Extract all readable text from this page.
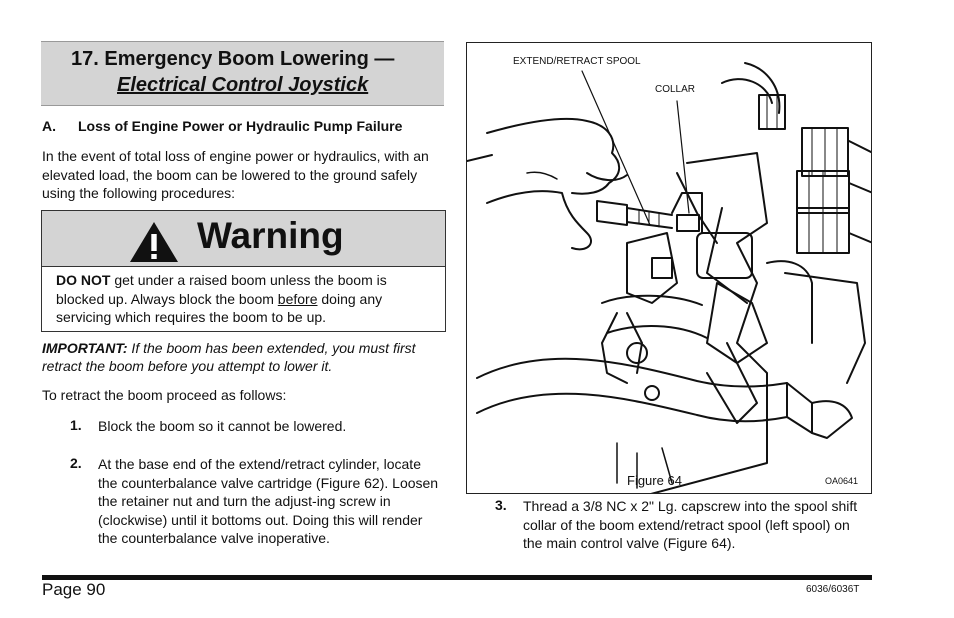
17. Emergency Boom Lowering —
Electrical Control Joystick
A. Loss of Engine Power or Hydraulic Pump Failure
In the event of total loss of engine power or hydraulics, with an elevated load, the boom can be lowered to the ground safely using the following procedures:
Warning
DO NOT get under a raised boom unless the boom is blocked up. Always block the boom before doing any servicing which requires the boom to be up.
IMPORTANT: If the boom has been extended, you must first retract the boom before you attempt to lower it.
To retract the boom proceed as follows:
1. Block the boom so it cannot be lowered.
2. At the base end of the extend/retract cylinder, locate the counterbalance valve cartridge (Figure 62). Loosen the retainer nut and turn the adjust-ing screw in (clockwise) until it bottoms out. Doing this will render the counterbalance valve inoperative.
EXTEND/RETRACT SPOOL
COLLAR
Figure 64	OA0641
3. Thread a 3/8 NC x 2" Lg. capscrew into the spool shift collar of the boom extend/retract spool (left spool) on the main control valve (Figure 64).
Page 90	6036/6036T
